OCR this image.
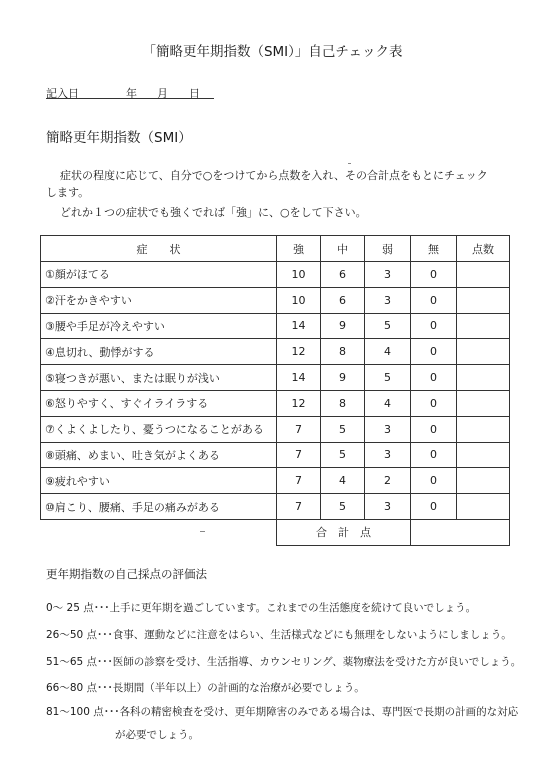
「簡略更年期指数（SMI）」自己チェック表
記入日	年 月 日
簡略更年期指数（SMI）
症状の程度に応じて、自分で○をつけてから点数を入れ、その合計点をもとにチェック
します。
どれか１つの症状でも強くでれば「強」に、○をして下さい。
症　　状	強	中	弱	無	点数
①顔がほてる	10	6	3	0	
②汗をかきやすい	10	6	3	0	
③腰や手足が冷えやすい	14	9	5	0	
④息切れ、動悸がする	12	8	4	0	
⑤寝つきが悪い、または眠りが浅い	14	9	5	0	
⑥怒りやすく、すぐイライラする	12	8	4	0	
⑦くよくよしたり、憂うつになることがある	7	5	3	0	
⑧頭痛、めまい、吐き気がよくある	7	5	3	0	
⑨疲れやすい	7	4	2	0	
⑩肩こり、腰痛、手足の痛みがある	7	5	3	0	
	合　計　点				
更年期指数の自己採点の評価法
0～ 25 点･･･上手に更年期を過ごしています。これまでの生活態度を続けて良いでしょう。
26～50 点･･･食事、運動などに注意をはらい、生活様式などにも無理をしないようにしましょう。
51～65 点･･･医師の診察を受け、生活指導、カウンセリング、薬物療法を受けた方が良いでしょう。
66～80 点･･･長期間（半年以上）の計画的な治療が必要でしょう。
81～100 点･･･各科の精密検査を受け、更年期障害のみである場合は、専門医で長期の計画的な対応
が必要でしょう。
